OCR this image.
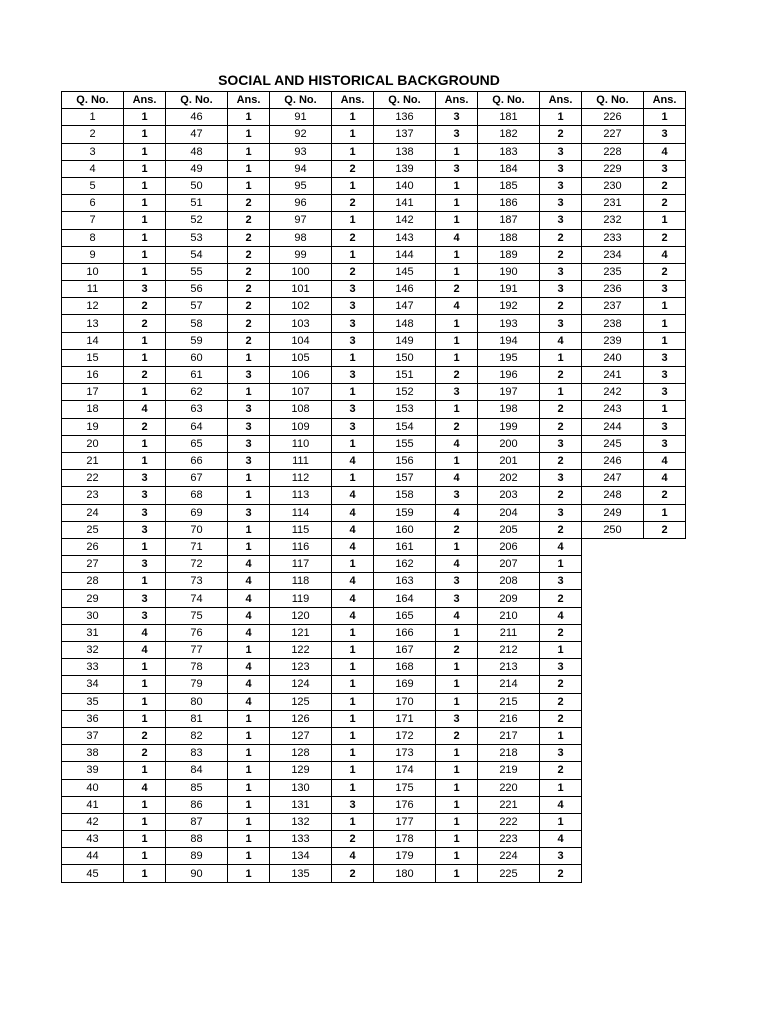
SOCIAL AND HISTORICAL BACKGROUND
Q. No.	Ans.	Q. No.	Ans.	Q. No.	Ans.	Q. No.	Ans.	Q. No.	Ans.	Q. No.	Ans.
1	1	46	1	91	1	136	3	181	1	226	1
2	1	47	1	92	1	137	3	182	2	227	3
3	1	48	1	93	1	138	1	183	3	228	4
4	1	49	1	94	2	139	3	184	3	229	3
5	1	50	1	95	1	140	1	185	3	230	2
6	1	51	2	96	2	141	1	186	3	231	2
7	1	52	2	97	1	142	1	187	3	232	1
8	1	53	2	98	2	143	4	188	2	233	2
9	1	54	2	99	1	144	1	189	2	234	4
10	1	55	2	100	2	145	1	190	3	235	2
11	3	56	2	101	3	146	2	191	3	236	3
12	2	57	2	102	3	147	4	192	2	237	1
13	2	58	2	103	3	148	1	193	3	238	1
14	1	59	2	104	3	149	1	194	4	239	1
15	1	60	1	105	1	150	1	195	1	240	3
16	2	61	3	106	3	151	2	196	2	241	3
17	1	62	1	107	1	152	3	197	1	242	3
18	4	63	3	108	3	153	1	198	2	243	1
19	2	64	3	109	3	154	2	199	2	244	3
20	1	65	3	110	1	155	4	200	3	245	3
21	1	66	3	111	4	156	1	201	2	246	4
22	3	67	1	112	1	157	4	202	3	247	4
23	3	68	1	113	4	158	3	203	2	248	2
24	3	69	3	114	4	159	4	204	3	249	1
25	3	70	1	115	4	160	2	205	2	250	2
26	1	71	1	116	4	161	1	206	4		
27	3	72	4	117	1	162	4	207	1		
28	1	73	4	118	4	163	3	208	3		
29	3	74	4	119	4	164	3	209	2		
30	3	75	4	120	4	165	4	210	4		
31	4	76	4	121	1	166	1	211	2		
32	4	77	1	122	1	167	2	212	1		
33	1	78	4	123	1	168	1	213	3		
34	1	79	4	124	1	169	1	214	2		
35	1	80	4	125	1	170	1	215	2		
36	1	81	1	126	1	171	3	216	2		
37	2	82	1	127	1	172	2	217	1		
38	2	83	1	128	1	173	1	218	3		
39	1	84	1	129	1	174	1	219	2		
40	4	85	1	130	1	175	1	220	1		
41	1	86	1	131	3	176	1	221	4		
42	1	87	1	132	1	177	1	222	1		
43	1	88	1	133	2	178	1	223	4		
44	1	89	1	134	4	179	1	224	3		
45	1	90	1	135	2	180	1	225	2		
